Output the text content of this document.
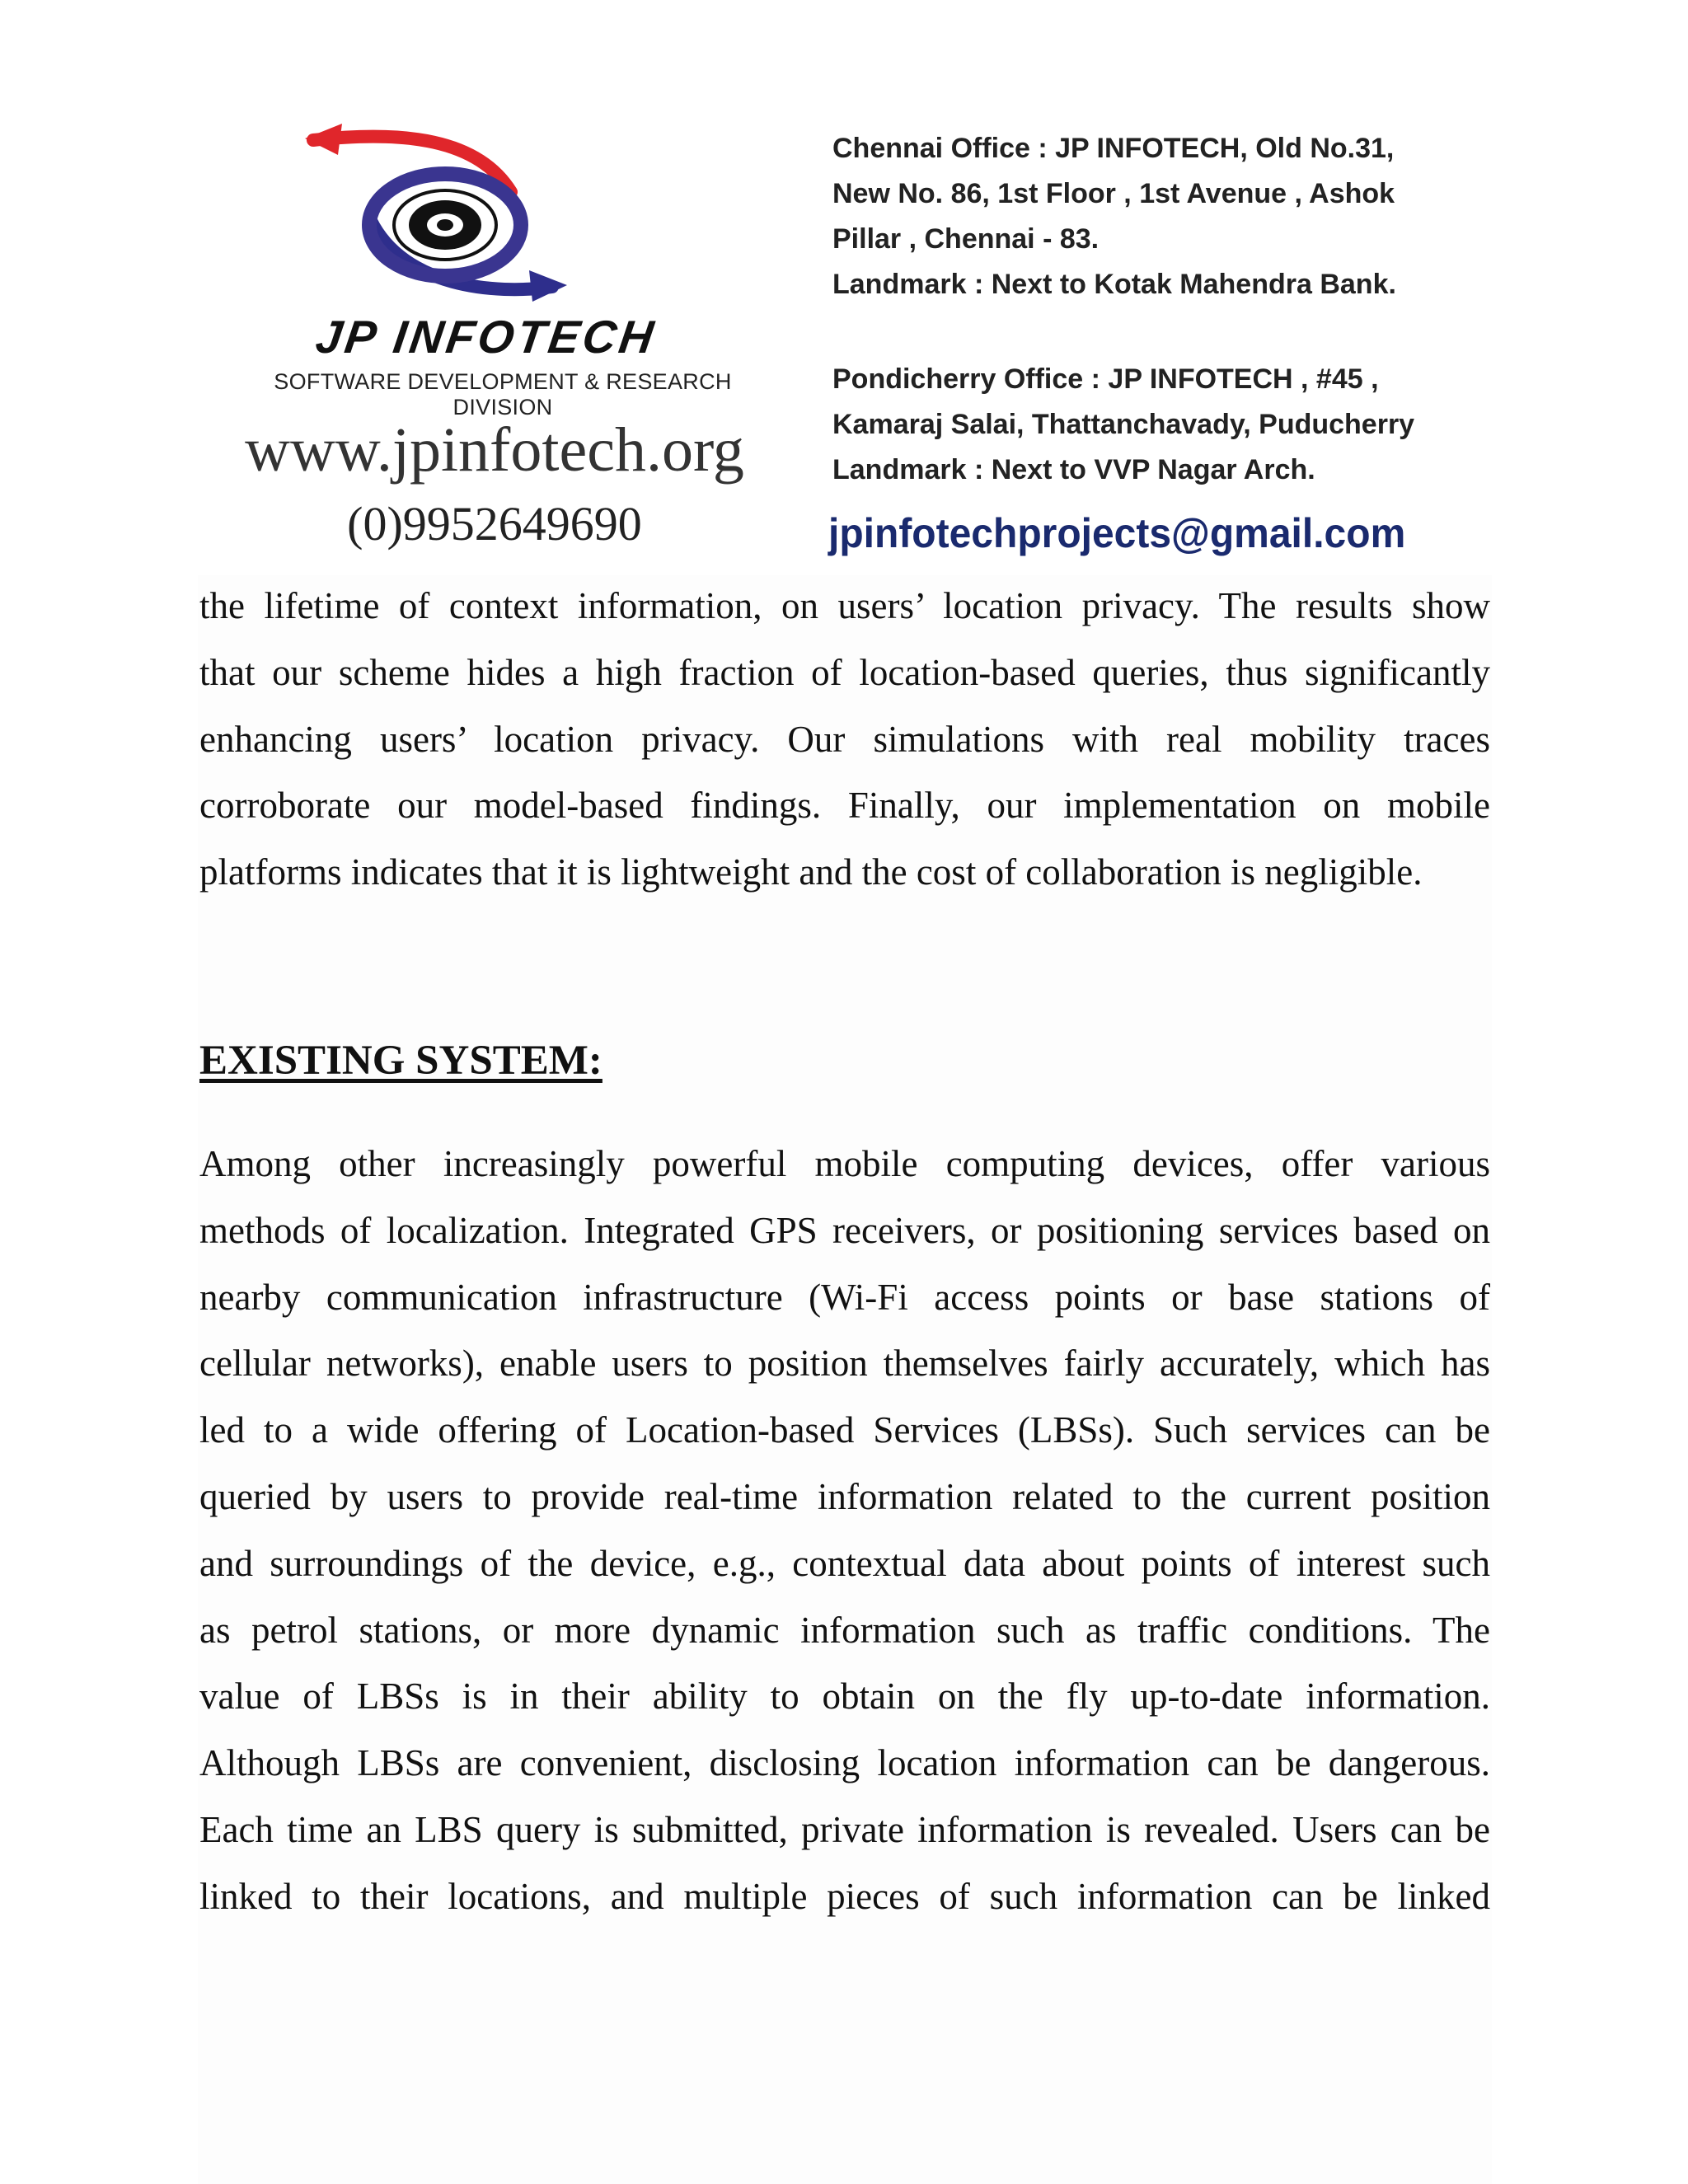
JP INFOTECH
SOFTWARE DEVELOPMENT & RESEARCH DIVISION
www.jpinfotech.org
(0)9952649690
Chennai Office : JP INFOTECH, Old No.31,
New No. 86, 1st Floor , 1st Avenue , Ashok
Pillar , Chennai - 83.
Landmark : Next to Kotak Mahendra Bank.
Pondicherry Office : JP INFOTECH , #45 ,
Kamaraj Salai, Thattanchavady, Puducherry
Landmark : Next to VVP Nagar Arch.
jpinfotechprojects@gmail.com
the lifetime of context information, on users’ location privacy. The results show
that our scheme hides a high fraction of location-based queries, thus significantly
enhancing users’ location privacy. Our simulations with real mobility traces
corroborate our model-based findings. Finally, our implementation on mobile
platforms indicates that it is lightweight and the cost of collaboration is negligible.
EXISTING SYSTEM:
Among other increasingly powerful mobile computing devices, offer various
methods of localization. Integrated GPS receivers, or positioning services based on
nearby communication infrastructure (Wi-Fi access points or base stations of
cellular networks), enable users to position themselves fairly accurately, which has
led to a wide offering of Location-based Services (LBSs). Such services can be
queried by users to provide real-time information related to the current position
and surroundings of the device, e.g., contextual data about points of interest such
as petrol stations, or more dynamic information such as traffic conditions. The
value of LBSs is in their ability to obtain on the fly up-to-date information.
Although LBSs are convenient, disclosing location information can be dangerous.
Each time an LBS query is submitted, private information is revealed. Users can be
linked to their locations, and multiple pieces of such information can be linked
